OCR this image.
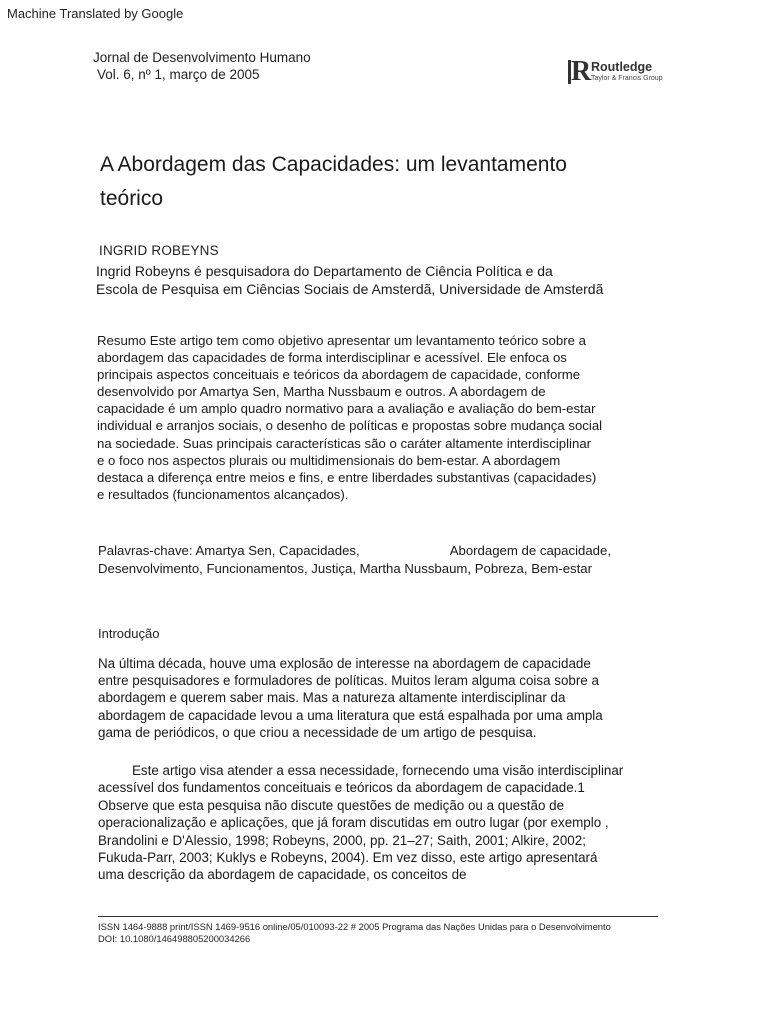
Machine Translated by Google
Jornal de Desenvolvimento Humano
Vol. 6, nº 1, março de 2005	R Routledge
Taylor & Francis Group
A Abordagem das Capacidades: um levantamento
teórico
INGRID ROBEYNS
Ingrid Robeyns é pesquisadora do Departamento de Ciência Política e da
Escola de Pesquisa em Ciências Sociais de Amsterdã, Universidade de Amsterdã
Resumo Este artigo tem como objetivo apresentar um levantamento teórico sobre a
abordagem das capacidades de forma interdisciplinar e acessível. Ele enfoca os
principais aspectos conceituais e teóricos da abordagem de capacidade, conforme
desenvolvido por Amartya Sen, Martha Nussbaum e outros. A abordagem de
capacidade é um amplo quadro normativo para a avaliação e avaliação do bem-estar
individual e arranjos sociais, o desenho de políticas e propostas sobre mudança social
na sociedade. Suas principais características são o caráter altamente interdisciplinar
e o foco nos aspectos plurais ou multidimensionais do bem-estar. A abordagem
destaca a diferença entre meios e fins, e entre liberdades substantivas (capacidades)
e resultados (funcionamentos alcançados).
Palavras-chave: Amartya Sen, Capacidades,	Abordagem de capacidade,
Desenvolvimento, Funcionamentos, Justiça, Martha Nussbaum, Pobreza, Bem-estar
Introdução
Na última década, houve uma explosão de interesse na abordagem de capacidade
entre pesquisadores e formuladores de políticas. Muitos leram alguma coisa sobre a
abordagem e querem saber mais. Mas a natureza altamente interdisciplinar da
abordagem de capacidade levou a uma literatura que está espalhada por uma ampla
gama de periódicos, o que criou a necessidade de um artigo de pesquisa.
Este artigo visa atender a essa necessidade, fornecendo uma visão interdisciplinar
acessível dos fundamentos conceituais e teóricos da abordagem de capacidade.1
Observe que esta pesquisa não discute questões de medição ou a questão de
operacionalização e aplicações, que já foram discutidas em outro lugar (por exemplo ,
Brandolini e D'Alessio, 1998; Robeyns, 2000, pp. 21–27; Saith, 2001; Alkire, 2002;
Fukuda-Parr, 2003; Kuklys e Robeyns, 2004). Em vez disso, este artigo apresentará
uma descrição da abordagem de capacidade, os conceitos de
ISSN 1464-9888 print/ISSN 1469-9516 online/05/010093-22 # 2005 Programa das Nações Unidas para o Desenvolvimento
DOI: 10.1080/146498805200034266
